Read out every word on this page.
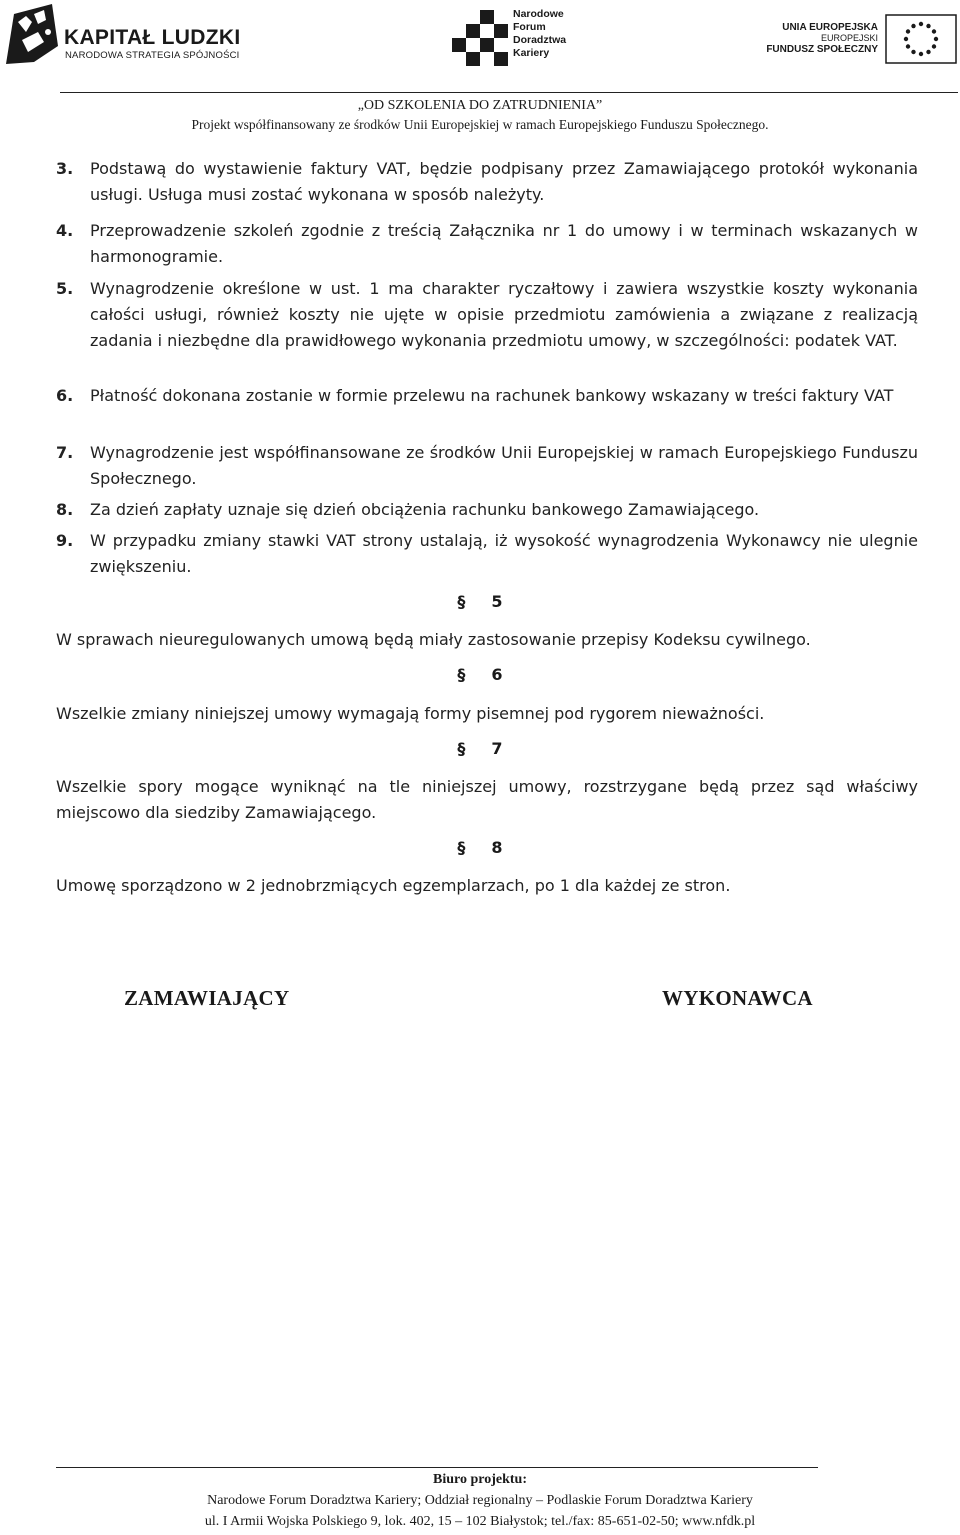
KAPITAŁ LUDZKI
NARODOWA STRATEGIA SPÓJNOŚCI
Narodowe
Forum
Doradztwa
Kariery
UNIA EUROPEJSKA
EUROPEJSKI
FUNDUSZ SPOŁECZNY
„OD SZKOLENIA DO ZATRUDNIENIA”
Projekt współfinansowany ze środków Unii Europejskiej w ramach Europejskiego Funduszu Społecznego.
3. Podstawą do wystawienie faktury VAT, będzie podpisany przez Zamawiającego protokół wykonania usługi. Usługa musi zostać wykonana w sposób należyty.
4. Przeprowadzenie szkoleń zgodnie z treścią Załącznika nr 1 do umowy i w terminach wskazanych w harmonogramie.
5. Wynagrodzenie określone w ust. 1 ma charakter ryczałtowy i zawiera wszystkie koszty wykonania całości usługi, również koszty nie ujęte w opisie przedmiotu zamówienia a związane z realizacją zadania i niezbędne dla prawidłowego wykonania przedmiotu umowy, w szczególności: podatek VAT.
6. Płatność dokonana zostanie w formie przelewu na rachunek bankowy wskazany w treści faktury VAT
7. Wynagrodzenie jest współfinansowane ze środków Unii Europejskiej w ramach Europejskiego Funduszu Społecznego.
8. Za dzień zapłaty uznaje się dzień obciążenia rachunku bankowego Zamawiającego.
9. W przypadku zmiany stawki VAT strony ustalają, iż wysokość wynagrodzenia Wykonawcy nie ulegnie zwiększeniu.
§ 5
W sprawach nieuregulowanych umową będą miały zastosowanie przepisy Kodeksu cywilnego.
§ 6
Wszelkie zmiany niniejszej umowy wymagają formy pisemnej pod rygorem nieważności.
§ 7
Wszelkie spory mogące wyniknąć na tle niniejszej umowy, rozstrzygane będą przez sąd właściwy miejscowo dla siedziby Zamawiającego.
§ 8
Umowę sporządzono w 2 jednobrzmiących egzemplarzach, po 1 dla każdej ze stron.
ZAMAWIAJĄCY	WYKONAWCA
Biuro projektu:
Narodowe Forum Doradztwa Kariery; Oddział regionalny – Podlaskie Forum Doradztwa Kariery
ul. I Armii Wojska Polskiego 9, lok. 402, 15 – 102 Białystok; tel./fax: 85-651-02-50; www.nfdk.pl
